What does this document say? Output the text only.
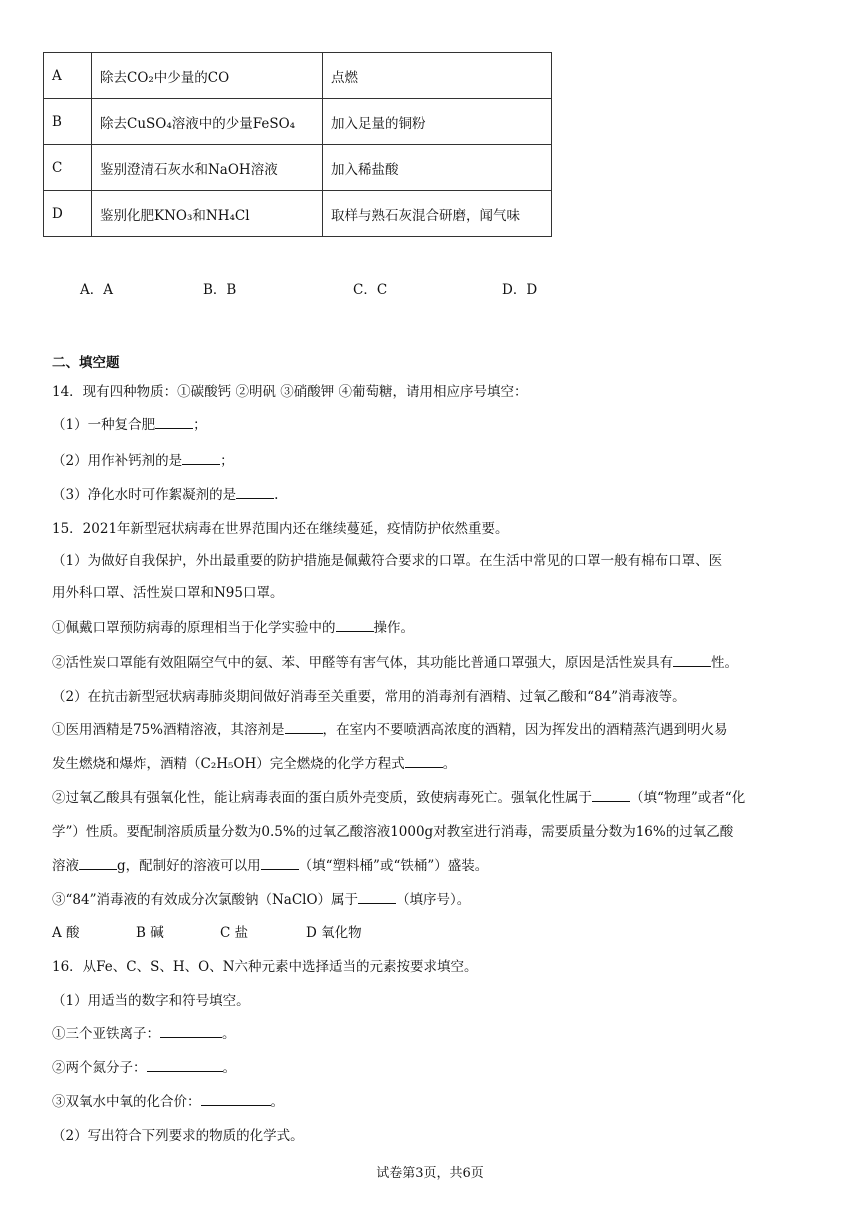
A	除去CO₂中少量的CO	点燃
B	除去CuSO₄溶液中的少量FeSO₄	加入足量的铜粉
C	鉴别澄清石灰水和NaOH溶液	加入稀盐酸
D	鉴别化肥KNO₃和NH₄Cl	取样与熟石灰混合研磨，闻气味
A．A	B．B	C．C	D．D
二、填空题
14．现有四种物质：①碳酸钙 ②明矾 ③硝酸钾 ④葡萄糖，请用相应序号填空：
（1）一种复合肥	；
（2）用作补钙剂的是	；
（3）净化水时可作絮凝剂的是	.
15．2021年新型冠状病毒在世界范围内还在继续蔓延，疫情防护依然重要。
（1）为做好自我保护，外出最重要的防护措施是佩戴符合要求的口罩。在生活中常见的口罩一般有棉布口罩、医
用外科口罩、活性炭口罩和N95口罩。
①佩戴口罩预防病毒的原理相当于化学实验中的	操作。
②活性炭口罩能有效阻隔空气中的氨、苯、甲醛等有害气体，其功能比普通口罩强大，原因是活性炭具有	性。
（2）在抗击新型冠状病毒肺炎期间做好消毒至关重要，常用的消毒剂有酒精、过氧乙酸和“84”消毒液等。
①医用酒精是75%酒精溶液，其溶剂是	，在室内不要喷洒高浓度的酒精，因为挥发出的酒精蒸汽遇到明火易
发生燃烧和爆炸，酒精（C₂H₅OH）完全燃烧的化学方程式	。
②过氧乙酸具有强氧化性，能让病毒表面的蛋白质外壳变质，致使病毒死亡。强氧化性属于	（填“物理”或者“化
学”）性质。要配制溶质质量分数为0.5%的过氧乙酸溶液1000g对教室进行消毒，需要质量分数为16%的过氧乙酸
溶液	g，配制好的溶液可以用	（填“塑料桶”或“铁桶”）盛装。
③“84”消毒液的有效成分次氯酸钠（NaClO）属于	（填序号）。
A 酸	B 碱	C 盐	D 氧化物
16．从Fe、C、S、H、O、N六种元素中选择适当的元素按要求填空。
（1）用适当的数字和符号填空。
①三个亚铁离子：	。
②两个氮分子：	。
③双氧水中氧的化合价：	。
（2）写出符合下列要求的物质的化学式。
试卷第3页，共6页
